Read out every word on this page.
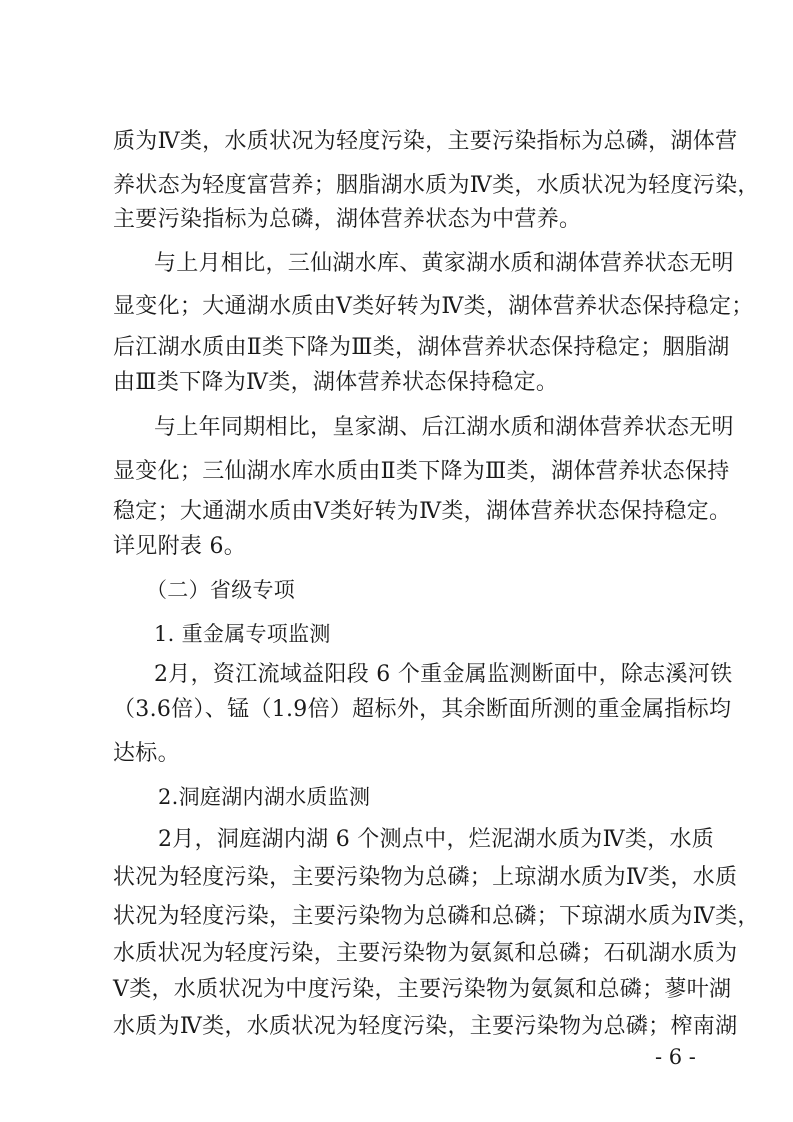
质为Ⅳ类，水质状况为轻度污染，主要污染指标为总磷，湖体营
养状态为轻度富营养；胭脂湖水质为Ⅳ类，水质状况为轻度污染，
主要污染指标为总磷，湖体营养状态为中营养。
与上月相比，三仙湖水库、黄家湖水质和湖体营养状态无明
显变化；大通湖水质由Ⅴ类好转为Ⅳ类，湖体营养状态保持稳定；
后江湖水质由Ⅱ类下降为Ⅲ类，湖体营养状态保持稳定；胭脂湖
由Ⅲ类下降为Ⅳ类，湖体营养状态保持稳定。
与上年同期相比，皇家湖、后江湖水质和湖体营养状态无明
显变化；三仙湖水库水质由Ⅱ类下降为Ⅲ类，湖体营养状态保持
稳定；大通湖水质由Ⅴ类好转为Ⅳ类，湖体营养状态保持稳定。
详见附表 6。
（二）省级专项
1. 重金属专项监测
2月，资江流域益阳段 6 个重金属监测断面中，除志溪河铁
（3.6倍）、锰（1.9倍）超标外，其余断面所测的重金属指标均
达标。
2.洞庭湖内湖水质监测
2月，洞庭湖内湖 6 个测点中，烂泥湖水质为Ⅳ类，水质
状况为轻度污染，主要污染物为总磷；上琼湖水质为Ⅳ类，水质
状况为轻度污染，主要污染物为总磷和总磷；下琼湖水质为Ⅳ类，
水质状况为轻度污染，主要污染物为氨氮和总磷；石矶湖水质为
Ⅴ类，水质状况为中度污染，主要污染物为氨氮和总磷；蓼叶湖
水质为Ⅳ类，水质状况为轻度污染，主要污染物为总磷；榨南湖
- 6 -
